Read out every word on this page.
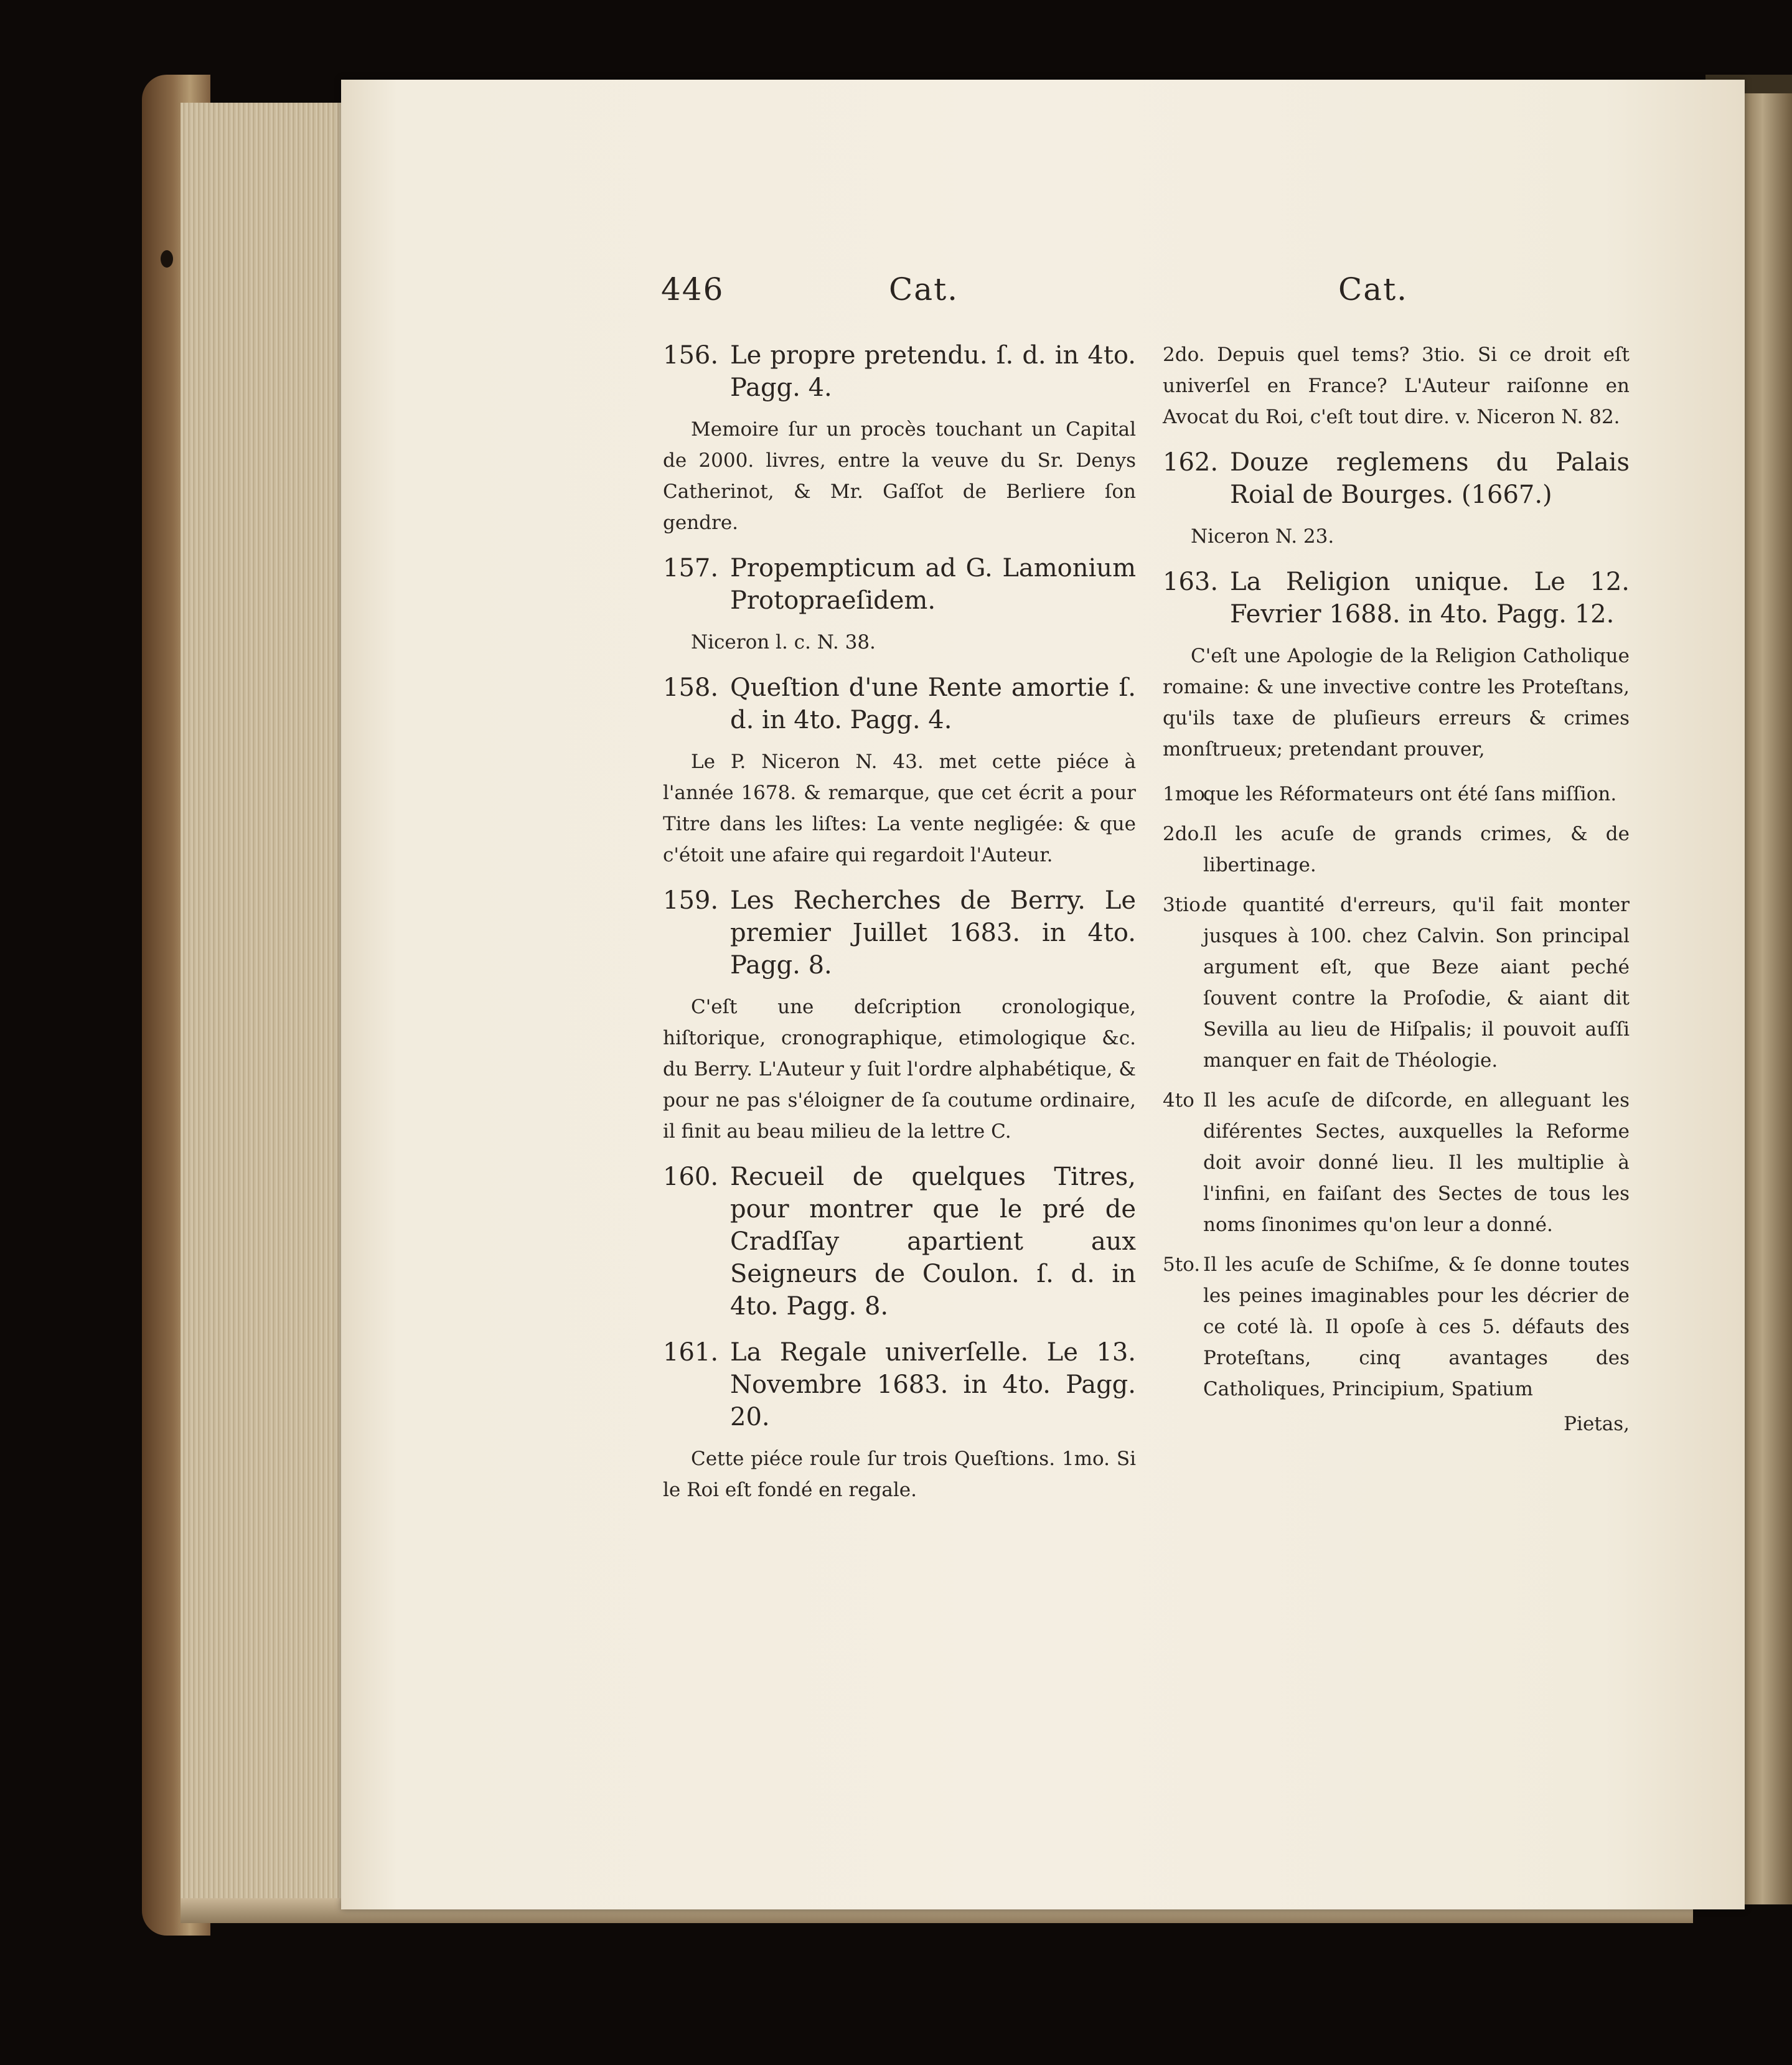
446	Cat.	Cat.
156. Le propre pretendu. ſ. d. in 4to. Pagg. 4.
Memoire ſur un procès touchant un Capital de 2000. livres, entre la veuve du Sr. Denys Catherinot, & Mr. Gaſſot de Berliere ſon gendre.
157. Propempticum ad G. Lamonium Protopraeſidem.
Niceron l. c. N. 38.
158. Queſtion d'une Rente amortie ſ. d. in 4to. Pagg. 4.
Le P. Niceron N. 43. met cette piéce à l'année 1678. & remarque, que cet écrit a pour Titre dans les liſtes: La vente negligée: & que c'étoit une afaire qui regardoit l'Auteur.
159. Les Recherches de Berry. Le premier Juillet 1683. in 4to. Pagg. 8.
C'eſt une deſcription cronologique, hiſtorique, cronographique, etimologique &c. du Berry. L'Auteur y ſuit l'ordre alphabétique, & pour ne pas s'éloigner de ſa coutume ordinaire, il finit au beau milieu de la lettre C.
160. Recueil de quelques Titres, pour montrer que le pré de Cradſſay apartient aux Seigneurs de Coulon. ſ. d. in 4to. Pagg. 8.
161. La Regale univerſelle. Le 13. Novembre 1683. in 4to. Pagg. 20.
Cette piéce roule ſur trois Queſtions. 1mo. Si le Roi eſt fondé en regale.
2do. Depuis quel tems? 3tio. Si ce droit eſt univerſel en France? L'Auteur raiſonne en Avocat du Roi, c'eſt tout dire. v. Niceron N. 82.
162. Douze reglemens du Palais Roial de Bourges. (1667.)
Niceron N. 23.
163. La Religion unique. Le 12. Fevrier 1688. in 4to. Pagg. 12.
C'eſt une Apologie de la Religion Catholique romaine: & une invective contre les Proteſtans, qu'ils taxe de pluſieurs erreurs & crimes monſtrueux; pretendant prouver,
1mo.
que les Réformateurs ont été ſans miſſion.
2do.
Il les acuſe de grands crimes, & de libertinage.
3tio.
de quantité d'erreurs, qu'il fait monter jusques à 100. chez Calvin. Son principal argument eſt, que Beze aiant peché ſouvent contre la Proſodie, & aiant dit Sevilla au lieu de Hiſpalis; il pouvoit auſſi manquer en fait de Théologie.
4to Il les acuſe de diſcorde, en alleguant les diférentes Sectes, auxquelles la Reforme doit avoir donné lieu. Il les multiplie à l'infini, en faiſant des Sectes de tous les noms ſinonimes qu'on leur a donné.
5to. Il les acuſe de Schiſme, & ſe donne toutes les peines imaginables pour les décrier de ce coté là. Il opoſe à ces 5. défauts des Proteſtans, cinq avantages des Catholiques, Principium, Spatium
Pietas,
